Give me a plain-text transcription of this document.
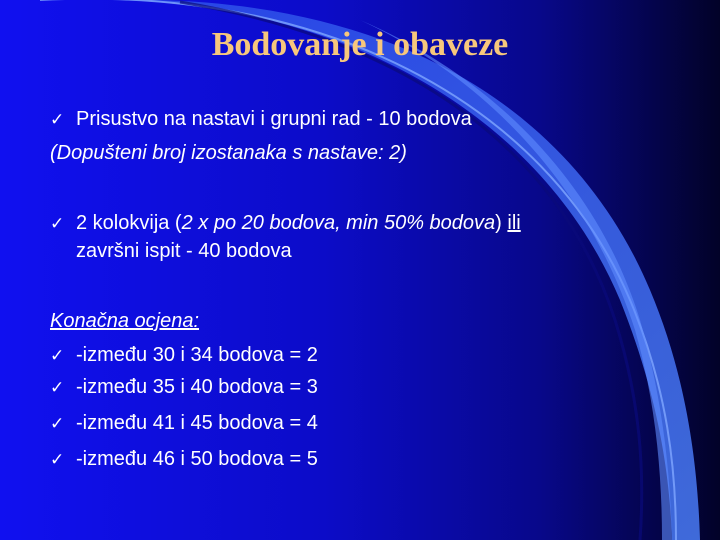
Bodovanje i obaveze
✓ Prisustvo na nastavi i grupni rad - 10 bodova
(Dopušteni broj izostanaka s nastave: 2)
✓ 2 kolokvija (2 x po 20 bodova, min 50% bodova) ili
završni ispit - 40 bodova
Konačna ocjena:
✓ -između 30 i 34 bodova = 2
✓ -između 35 i 40 bodova = 3
✓ -između 41 i 45 bodova = 4
✓ -između 46 i 50 bodova = 5
